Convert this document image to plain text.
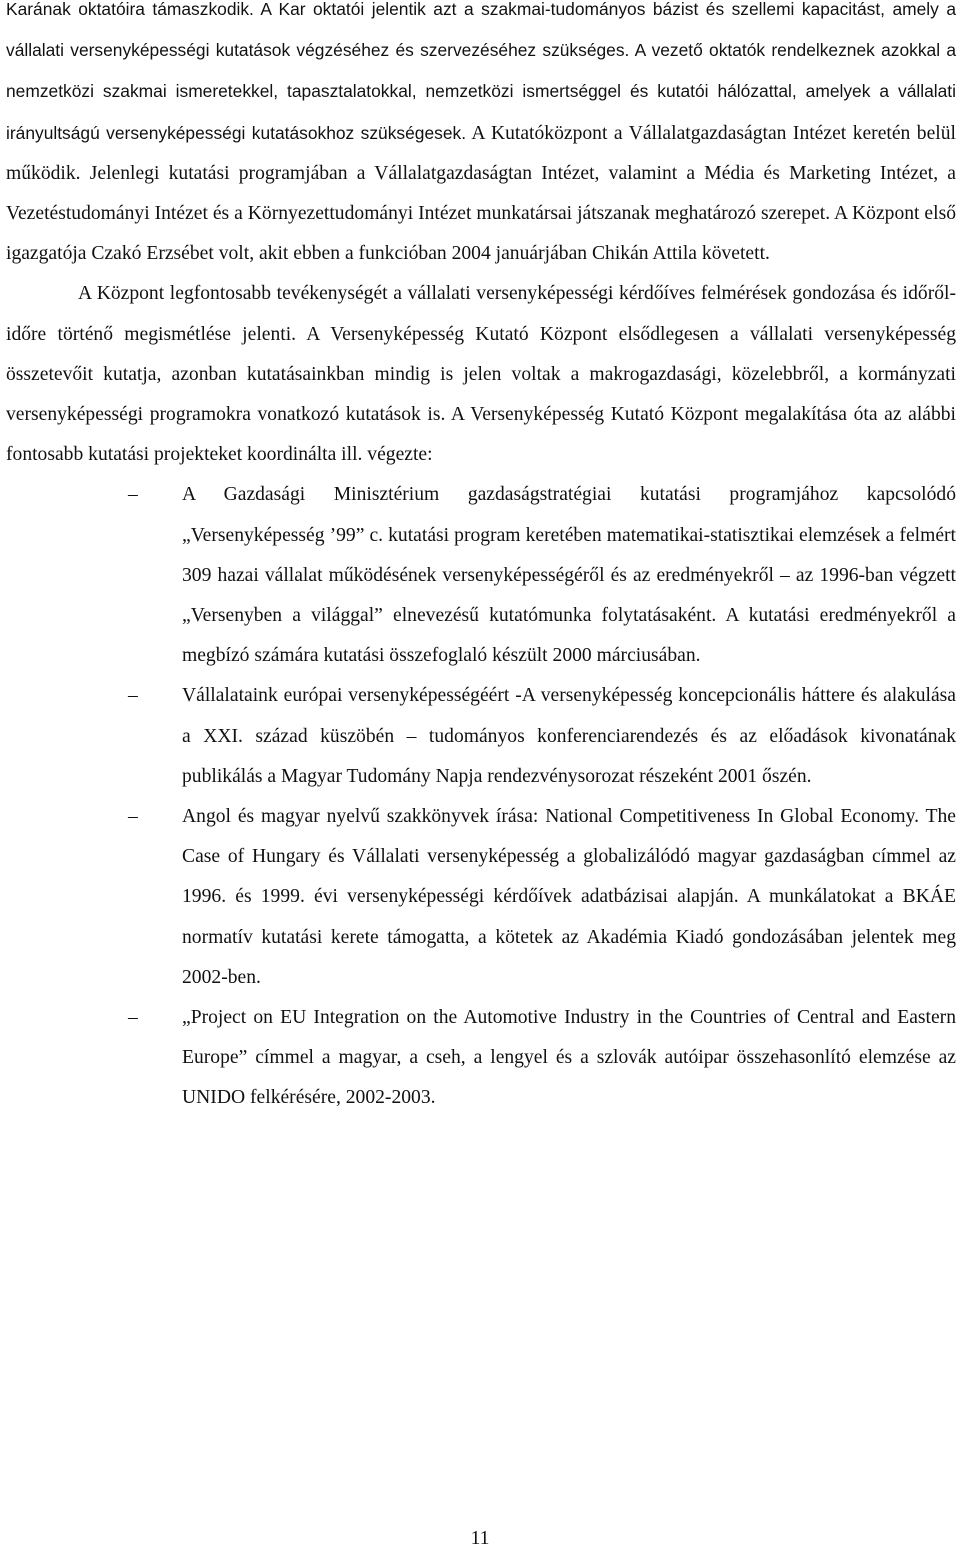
Karának oktatóira támaszkodik. A Kar oktatói jelentik azt a szakmai-tudományos bázist és szellemi kapacitást, amely a vállalati versenyképességi kutatások végzéséhez és szervezéséhez szükséges. A vezető oktatók rendelkeznek azokkal a nemzetközi szakmai ismeretekkel, tapasztalatokkal, nemzetközi ismertséggel és kutatói hálózattal, amelyek a vállalati irányultságú versenyképességi kutatásokhoz szükségesek. A Kutatóközpont a Vállalatgazdaságtan Intézet keretén belül működik. Jelenlegi kutatási programjában a Vállalatgazdaságtan Intézet, valamint a Média és Marketing Intézet, a Vezetéstudományi Intézet és a Környezettudományi Intézet munkatársai játszanak meghatározó szerepet. A Központ első igazgatója Czakó Erzsébet volt, akit ebben a funkcióban 2004 januárjában Chikán Attila követett.

A Központ legfontosabb tevékenységét a vállalati versenyképességi kérdőíves felmérések gondozása és időről-időre történő megismétlése jelenti. A Versenyképesség Kutató Központ elsődlegesen a vállalati versenyképesség összetevőit kutatja, azonban kutatásainkban mindig is jelen voltak a makrogazdasági, közelebbről, a kormányzati versenyképességi programokra vonatkozó kutatások is. A Versenyképesség Kutató Központ megalakítása óta az alábbi fontosabb kutatási projekteket koordinálta ill. végezte:

–	A Gazdasági Minisztérium gazdaságstratégiai kutatási programjához kapcsolódó „Versenyképesség ’99” c. kutatási program keretében matematikai-statisztikai elemzések a felmért 309 hazai vállalat működésének versenyképességéről és az eredményekről – az 1996-ban végzett „Versenyben a világgal” elnevezésű kutatómunka folytatásaként. A kutatási eredményekről a megbízó számára kutatási összefoglaló készült 2000 márciusában.
–	Vállalataink európai versenyképességéért -A versenyképesség koncepcionális háttere és alakulása a XXI. század küszöbén – tudományos konferenciarendezés és az előadások kivonatának publikálás a Magyar Tudomány Napja rendezvénysorozat részeként 2001 őszén.
–	Angol és magyar nyelvű szakkönyvek írása: National Competitiveness In Global Economy. The Case of Hungary és Vállalati versenyképesség a globalizálódó magyar gazdaságban címmel az 1996. és 1999. évi versenyképességi kérdőívek adatbázisai alapján. A munkálatokat a BKÁE normatív kutatási kerete támogatta, a kötetek az Akadémia Kiadó gondozásában jelentek meg 2002-ben.
–	„Project on EU Integration on the Automotive Industry in the Countries of Central and Eastern Europe” címmel a magyar, a cseh, a lengyel és a szlovák autóipar összehasonlító elemzése az UNIDO felkérésére, 2002-2003.
11
